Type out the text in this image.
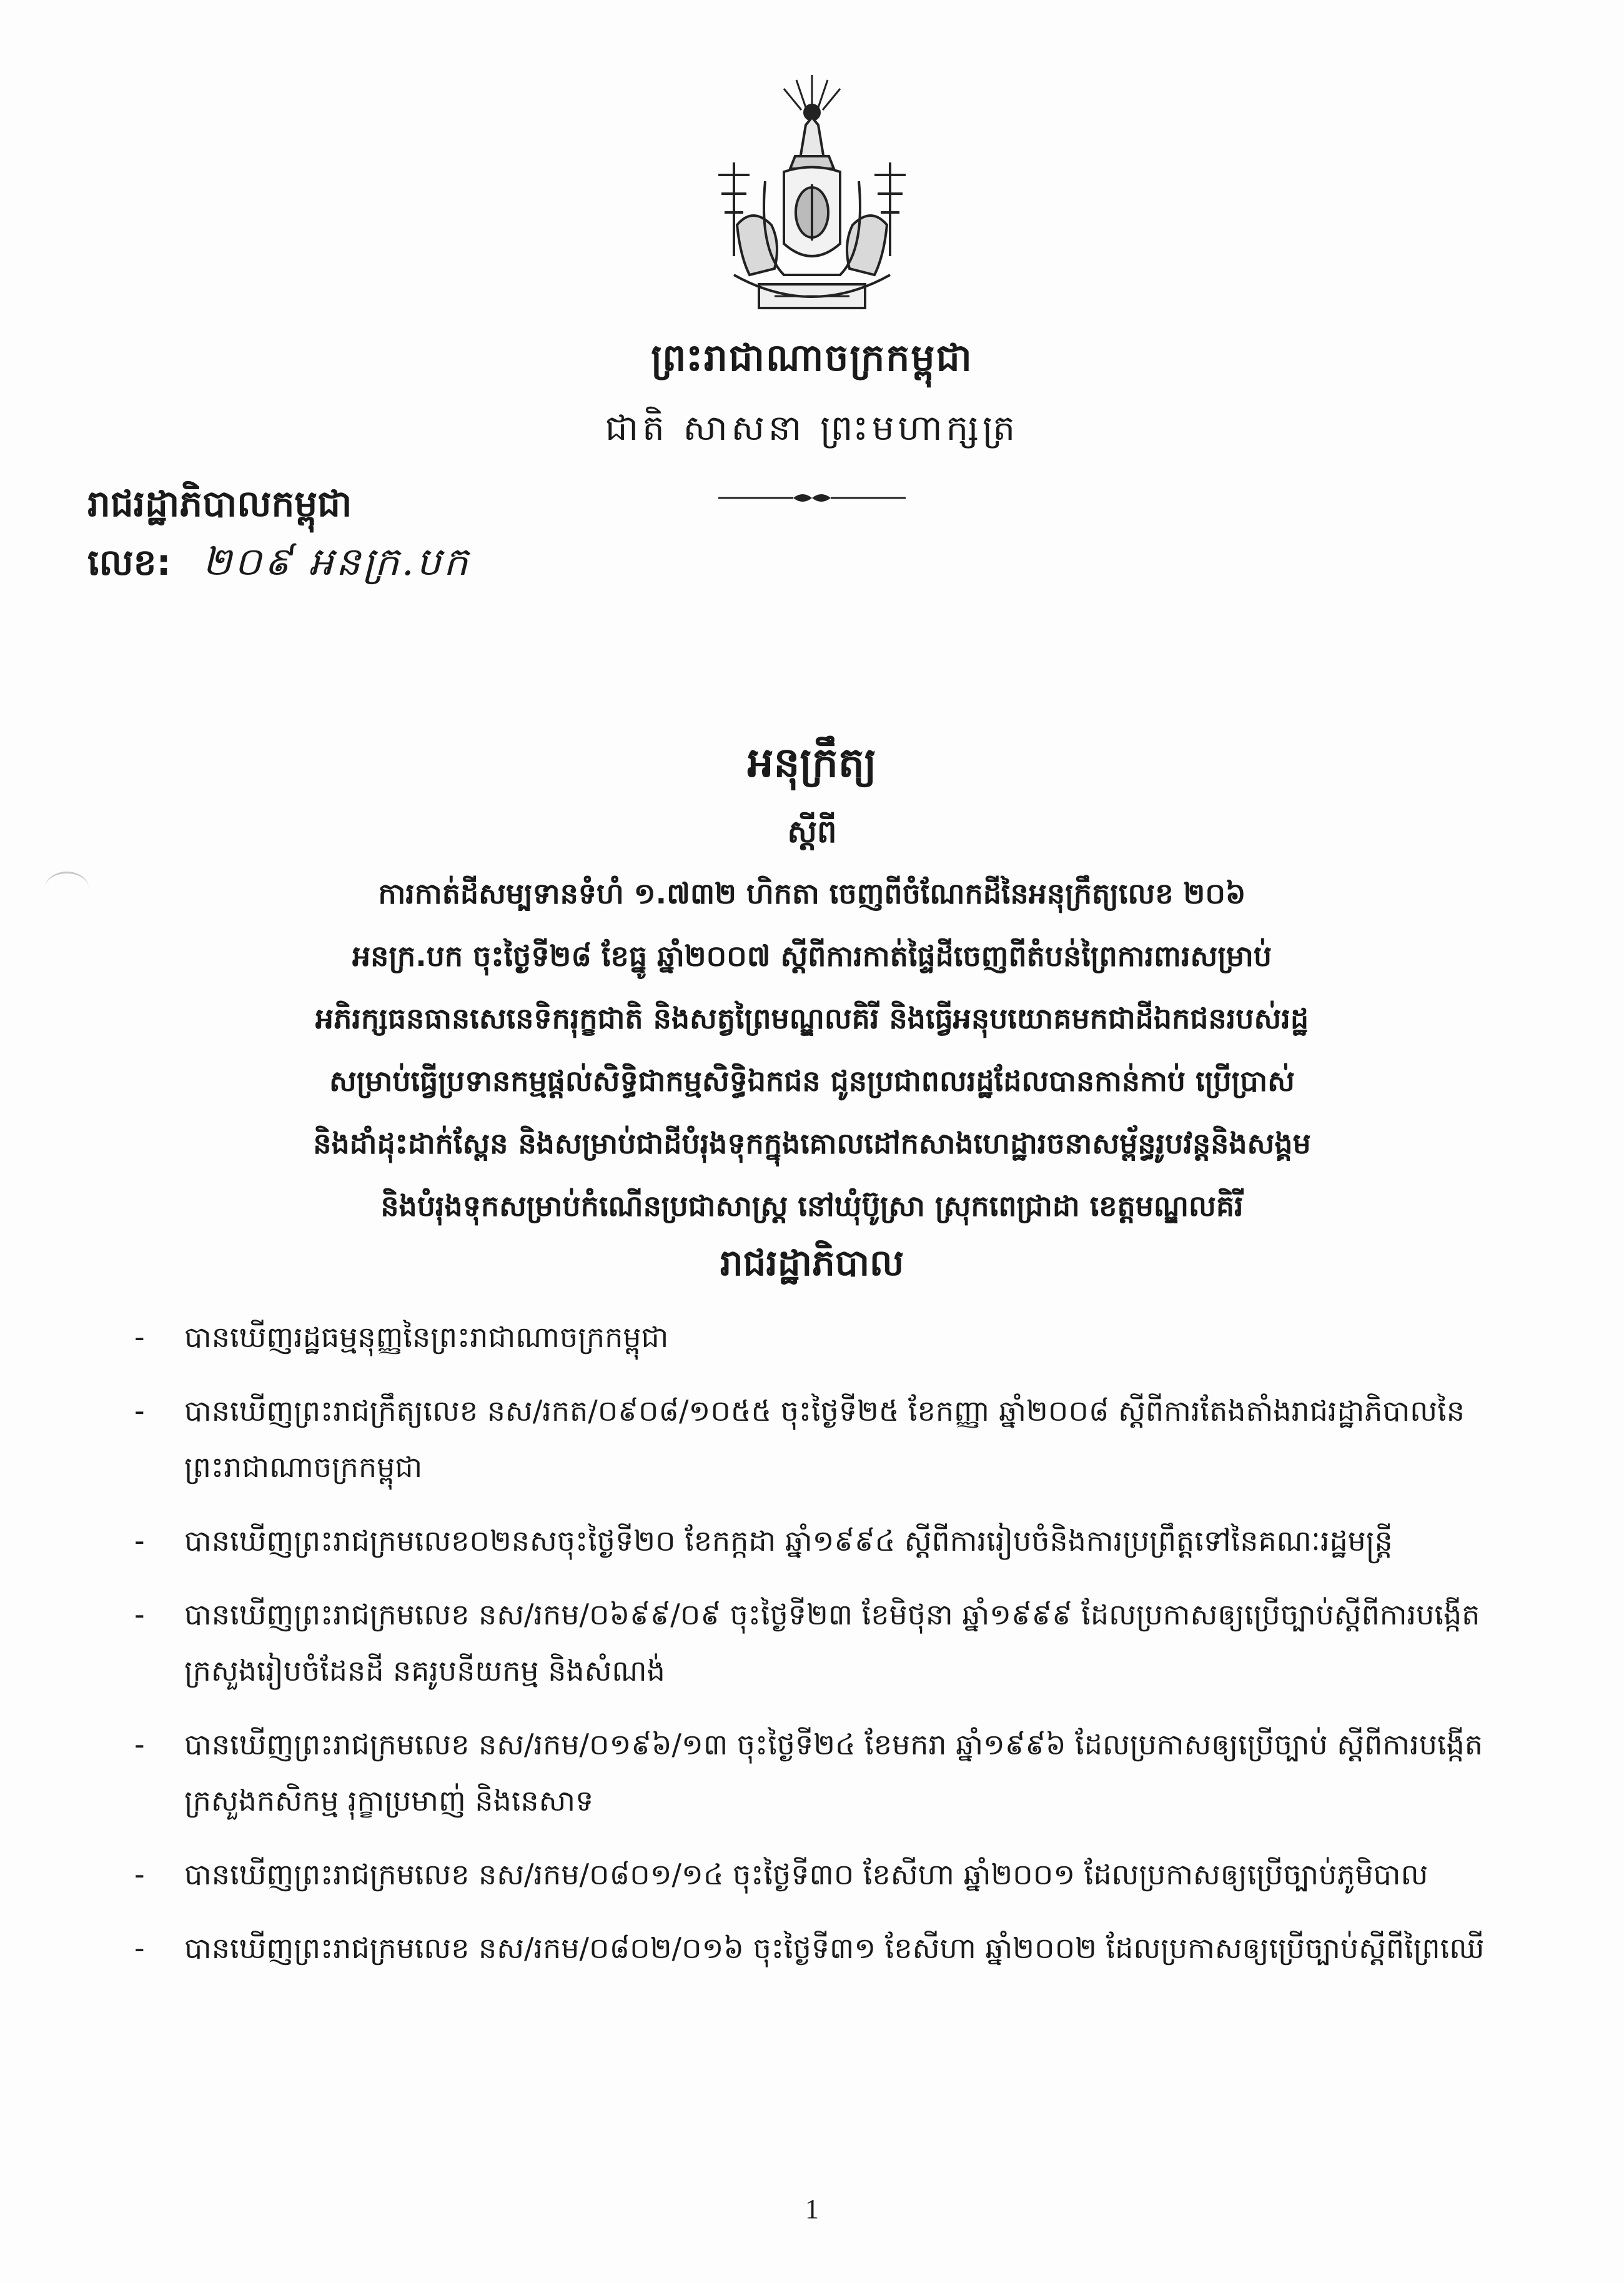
ព្រះរាជាណាចក្រកម្ពុជា
ជាតិ សាសនា ព្រះមហាក្សត្រ
រាជរដ្ឋាភិបាលកម្ពុជា
លេខ: ២០៩ អនក្រ.បក
អនុក្រឹត្យ
ស្តីពី
ការកាត់ដីសម្បទានទំហំ ១.៧៣២ ហិកតា ចេញពីចំណែកដីនៃអនុក្រឹត្យលេខ ២០៦
អនក្រ.បក ចុះថ្ងៃទី២៨ ខែធ្នូ ឆ្នាំ២០០៧ ស្តីពីការកាត់ផ្ទៃដីចេញពីតំបន់ព្រៃការពារសម្រាប់
អភិរក្សធនធានសេនេទិករុក្ខជាតិ និងសត្វព្រៃមណ្ឌលគិរី និងធ្វើអនុបយោគមកជាដីឯកជនរបស់រដ្ឋ
សម្រាប់ធ្វើប្រទានកម្មផ្តល់សិទ្ធិជាកម្មសិទ្ធិឯកជន ជូនប្រជាពលរដ្ឋដែលបានកាន់កាប់ ប្រើប្រាស់
និងដាំដុះដាក់ស្ពែន និងសម្រាប់ជាដីបំរុងទុកក្នុងគោលដៅកសាងហេដ្ឋារចនាសម្ព័ន្ធរូបវន្តនិងសង្គម
និងបំរុងទុកសម្រាប់កំណើនប្រជាសាស្ត្រ នៅឃុំប៊ូស្រា ស្រុកពេជ្រាដា ខេត្តមណ្ឌលគិរី
រាជរដ្ឋាភិបាល
- បានឃើញរដ្ឋធម្មនុញ្ញនៃព្រះរាជាណាចក្រកម្ពុជា
- បានឃើញព្រះរាជក្រឹត្យលេខ នស/រកត/០៩០៨/១០៥៥ ចុះថ្ងៃទី២៥ ខែកញ្ញា ឆ្នាំ២០០៨ ស្តីពីការតែងតាំងរាជរដ្ឋាភិបាលនៃព្រះរាជាណាចក្រកម្ពុជា
- បានឃើញព្រះរាជក្រមលេខ០២នសចុះថ្ងៃទី២០ ខែកក្កដា ឆ្នាំ១៩៩៤ ស្តីពីការរៀបចំនិងការប្រព្រឹត្តទៅនៃគណៈរដ្ឋមន្ត្រី
- បានឃើញព្រះរាជក្រមលេខ នស/រកម/០៦៩៩/០៩ ចុះថ្ងៃទី២៣ ខែមិថុនា ឆ្នាំ១៩៩៩ ដែលប្រកាសឲ្យប្រើច្បាប់ស្តីពីការបង្កើតក្រសួងរៀបចំដែនដី នគរូបនីយកម្ម និងសំណង់
- បានឃើញព្រះរាជក្រមលេខ នស/រកម/០១៩៦/១៣ ចុះថ្ងៃទី២៤ ខែមករា ឆ្នាំ១៩៩៦ ដែលប្រកាសឲ្យប្រើច្បាប់ ស្តីពីការបង្កើតក្រសួងកសិកម្ម រុក្ខាប្រមាញ់ និងនេសាទ
- បានឃើញព្រះរាជក្រមលេខ នស/រកម/០៨០១/១៤ ចុះថ្ងៃទី៣០ ខែសីហា ឆ្នាំ២០០១ ដែលប្រកាសឲ្យប្រើច្បាប់ភូមិបាល
- បានឃើញព្រះរាជក្រមលេខ នស/រកម/០៨០២/០១៦ ចុះថ្ងៃទី៣១ ខែសីហា ឆ្នាំ២០០២ ដែលប្រកាសឲ្យប្រើច្បាប់ស្តីពីព្រៃឈើ
1
